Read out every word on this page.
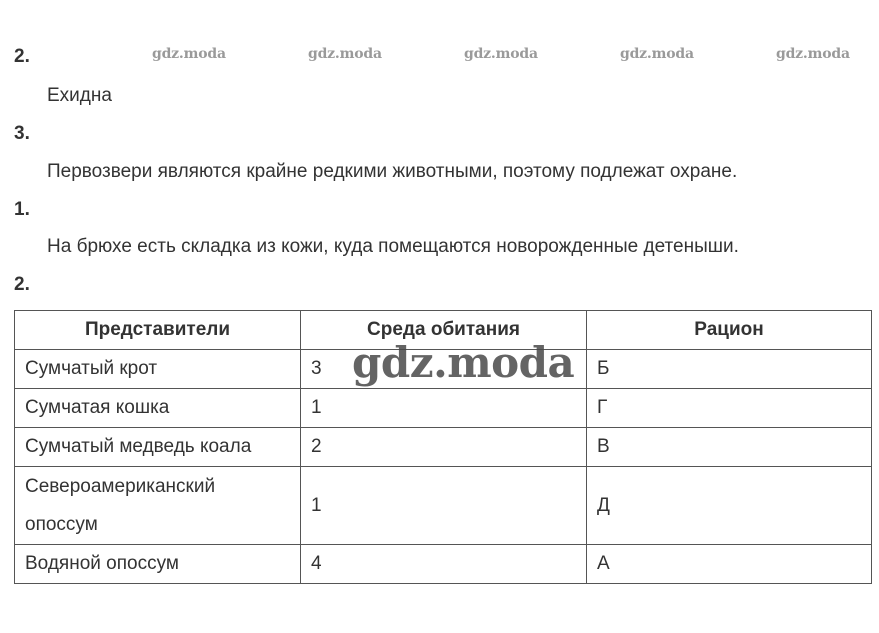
2.	gdz.moda	gdz.moda	gdz.moda	gdz.moda	gdz.moda
Ехидна
3.
Первозвери являются крайне редкими животными, поэтому подлежат охране.
1.
На брюхе есть складка из кожи, куда помещаются новорожденные детеныши.
2.
Представители	Среда обитания	Рацион
Сумчатый крот	3	Б
Сумчатая кошка	1	Г
Сумчатый медведь коала	2	В
Североамериканский опоссум	1	Д
Водяной опоссум	4	А
gdz.moda
